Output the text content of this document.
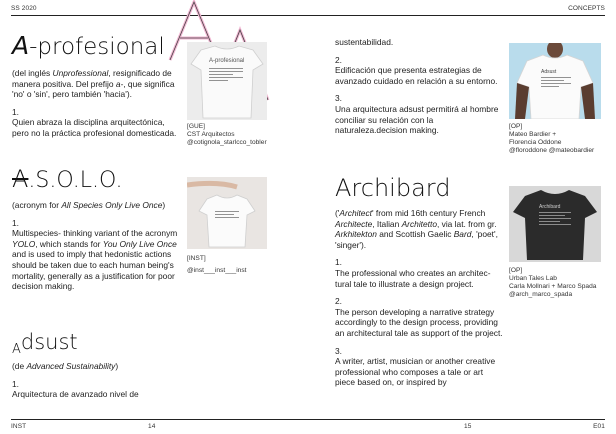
SS 2020	CONCEPTS
A-profesional

(del inglés Unprofessional, resignificado de manera positiva. Del prefijo a-, que significa 'no' o 'sin', pero también 'hacia').

1.

Quien abraza la disciplina arquitectónica, pero no la práctica profesional domesticada.

A-profesional
[GUE]
CST Arquitectos
@cotignola_starlcco_tobler
A.S.O.L.O.

(acronym for All Species Only Live Once)

1.

Multispecies- thinking variant of the acronym YOLO, which stands for You Only Live Once and is used to imply that hedonistic actions should be taken due to each human being's mortality, generally as a justification for poor decision making.

[INST]
@inst___inst___inst
Adsust

(de Advanced Sustainability)

1.

Arquitectura de avanzado nivel de

sustentabilidad.

2.

Edificación que presenta estrategias de avanzado cuidado en relación a su entorno.

3.

Una arquitectura adsust permitirá al hombre conciliar su relación con la naturaleza.decision making.

Adsust
[OP]
Mateo Bardier +
Florencia Oddone
@floroddone @mateobardier
Archibard

('Architect' from mid 16th century French Architecte, Italian Architetto, via lat. from gr. Arkhitekton and Scottish Gaelic Bard, 'poet', 'singer').

1.

The professional who creates an architec-tural tale to illustrate a design project.

2.

The person developing a narrative strategy accordingly to the design process, providing an architectural tale as support of the project.

3.

A writer, artist, musician or another creative professional who composes a tale or art piece based on, or inspired by

Archibard
[OP]
Urban Tales Lab
Carla Mollnari + Marco Spada
@arch_marco_spada
INST	14	15	E01
